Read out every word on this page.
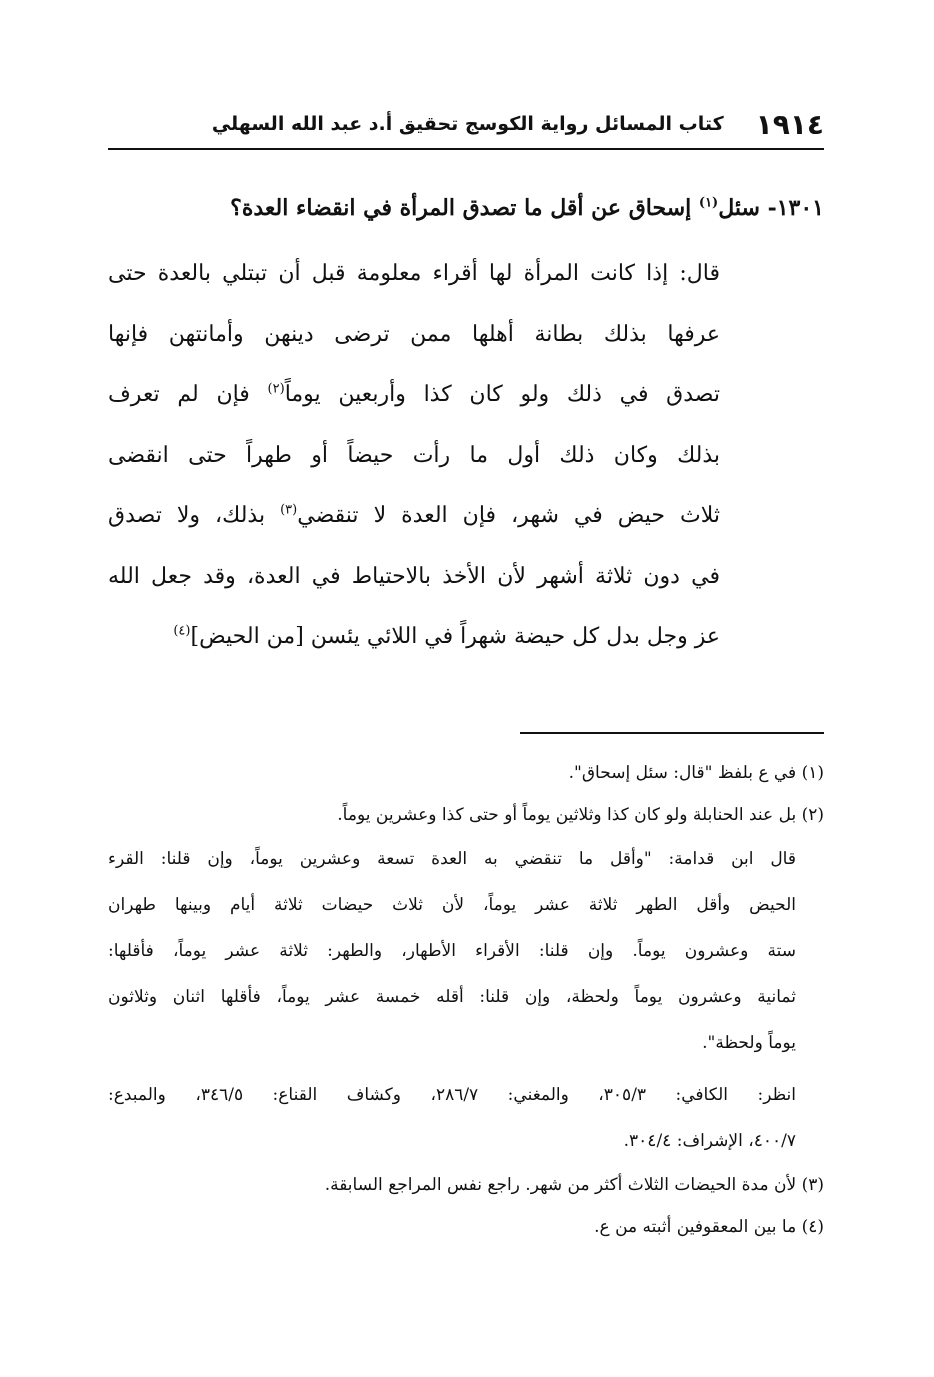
١٩١٤
كتاب المسائل رواية الكوسج تحقيق أ.د عبد الله السهلي
١٣٠١- سئل$^{(١)}$ إسحاق عن أقل ما تصدق المرأة في انقضاء العدة؟
قال: إذا كانت المرأة لها أقراء معلومة قبل أن تبتلي بالعدة حتى
عرفها بذلك بطانة أهلها ممن ترضى دينهن وأمانتهن فإنها
تصدق في ذلك ولو كان كذا وأربعين يوماً$^{(٢)}$ فإن لم تعرف
بذلك وكان ذلك أول ما رأت حيضاً أو طهراً حتى انقضى
ثلاث حيض في شهر، فإن العدة لا تنقضي$^{(٣)}$ بذلك، ولا تصدق
في دون ثلاثة أشهر لأن الأخذ بالاحتياط في العدة، وقد جعل الله
عز وجل بدل كل حيضة شهراً في اللائي يئسن [من الحيض]$^{(٤)}$
(١) في ع بلفظ "قال: سئل إسحاق".
(٢) بل عند الحنابلة ولو كان كذا وثلاثين يوماً أو حتى كذا وعشرين يوماً.
قال ابن قدامة: "وأقل ما تنقضي به العدة تسعة وعشرين يوماً، وإن قلنا: القرء
الحيض وأقل الطهر ثلاثة عشر يوماً، لأن ثلاث حيضات ثلاثة أيام وبينها طهران
ستة وعشرون يوماً. وإن قلنا: الأقراء الأطهار، والطهر: ثلاثة عشر يوماً، فأقلها:
ثمانية وعشرون يوماً ولحظة، وإن قلنا: أقله خمسة عشر يوماً، فأقلها اثنان وثلاثون
يوماً ولحظة".
انظر: الكافي: ٣٠٥/٣، والمغني: ٢٨٦/٧، وكشاف القناع: ٣٤٦/٥، والمبدع:
٤٠٠/٧، الإشراف: ٣٠٤/٤.
(٣) لأن مدة الحيضات الثلاث أكثر من شهر. راجع نفس المراجع السابقة.
(٤) ما بين المعقوفين أثبته من ع.
